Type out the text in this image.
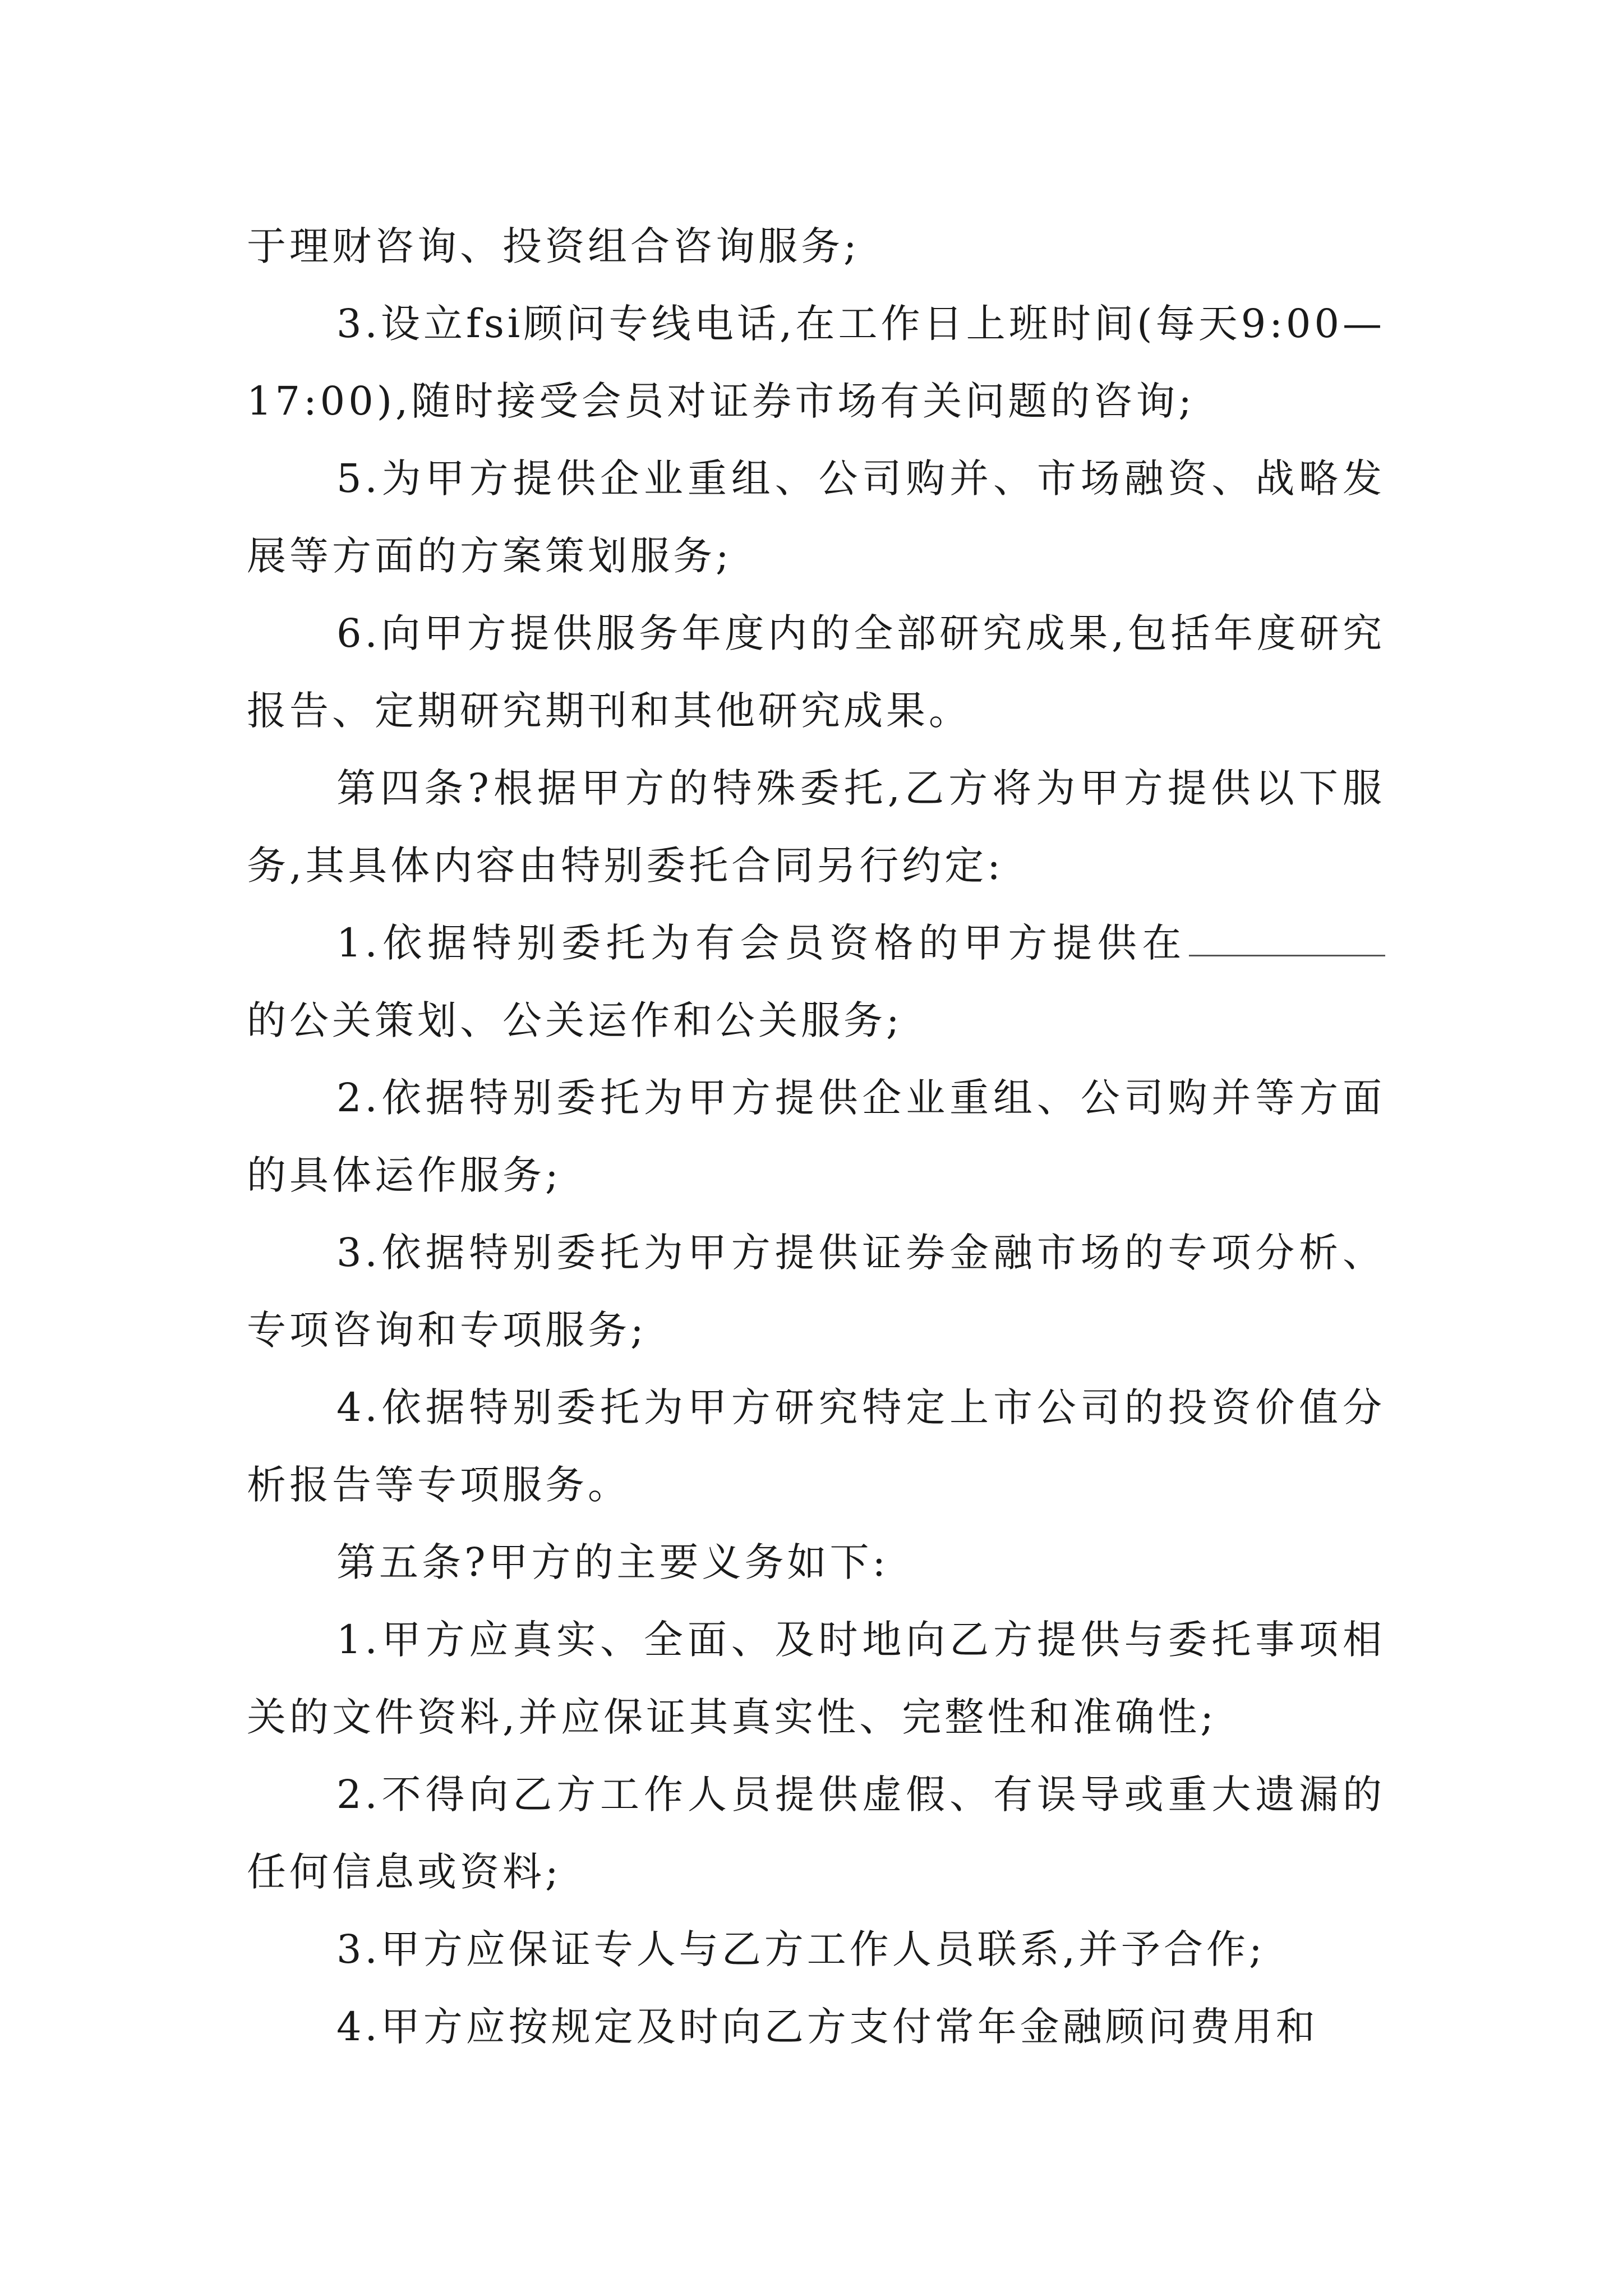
于理财咨询、投资组合咨询服务;

3.设立fsi顾问专线电话,在工作日上班时间(每天9:00—17:00),随时接受会员对证券市场有关问题的咨询;

5.为甲方提供企业重组、公司购并、市场融资、战略发展等方面的方案策划服务;

6.向甲方提供服务年度内的全部研究成果,包括年度研究报告、定期研究期刊和其他研究成果。

第四条?根据甲方的特殊委托,乙方将为甲方提供以下服务,其具体内容由特别委托合同另行约定:

1.依据特别委托为有会员资格的甲方提供在的公关策划、公关运作和公关服务;

2.依据特别委托为甲方提供企业重组、公司购并等方面的具体运作服务;

3.依据特别委托为甲方提供证券金融市场的专项分析、专项咨询和专项服务;

4.依据特别委托为甲方研究特定上市公司的投资价值分析报告等专项服务。

第五条?甲方的主要义务如下:

1.甲方应真实、全面、及时地向乙方提供与委托事项相关的文件资料,并应保证其真实性、完整性和准确性;

2.不得向乙方工作人员提供虚假、有误导或重大遗漏的任何信息或资料;

3.甲方应保证专人与乙方工作人员联系,并予合作;

4.甲方应按规定及时向乙方支付常年金融顾问费用和
